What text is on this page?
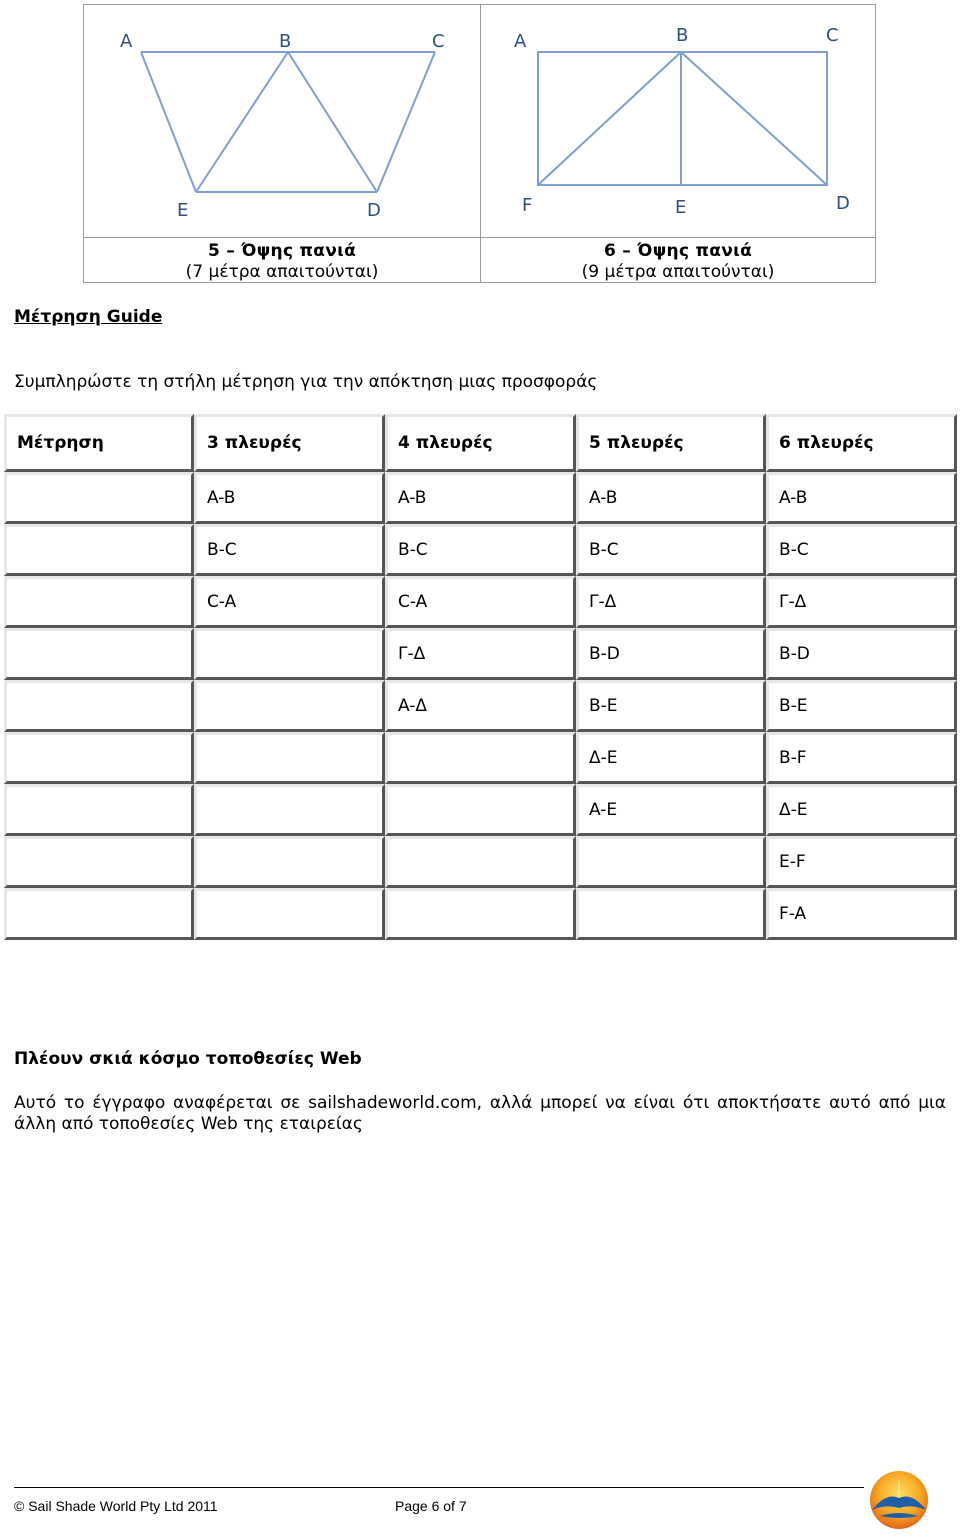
A	B	C
E	D
A	B	C
F	E	D
5 – Όψης πανιά
(7 μέτρα απαιτούνται)
6 – Όψης πανιά
(9 μέτρα απαιτούνται)
Μέτρηση Guide
Συμπληρώστε τη στήλη μέτρηση για την απόκτηση μιας προσφοράς
Μέτρηση	3 πλευρές	4 πλευρές	5 πλευρές	6 πλευρές
	A-B	A-B	A-B	A-B
	B-C	B-C	B-C	B-C
	C-A	C-A	Γ-Δ	Γ-Δ
		Γ-Δ	B-D	B-D
		A-Δ	B-E	B-E
			Δ-E	B-F
			A-E	Δ-E
				E-F
				F-A
Πλέουν σκιά κόσμο τοποθεσίες Web
Αυτό το έγγραφο αναφέρεται σε sailshadeworld.com, αλλά μπορεί να είναι ότι αποκτήσατε αυτό από μια άλλη από τοποθεσίες Web της εταιρείας
© Sail Shade World Pty Ltd 2011	Page 6 of 7
